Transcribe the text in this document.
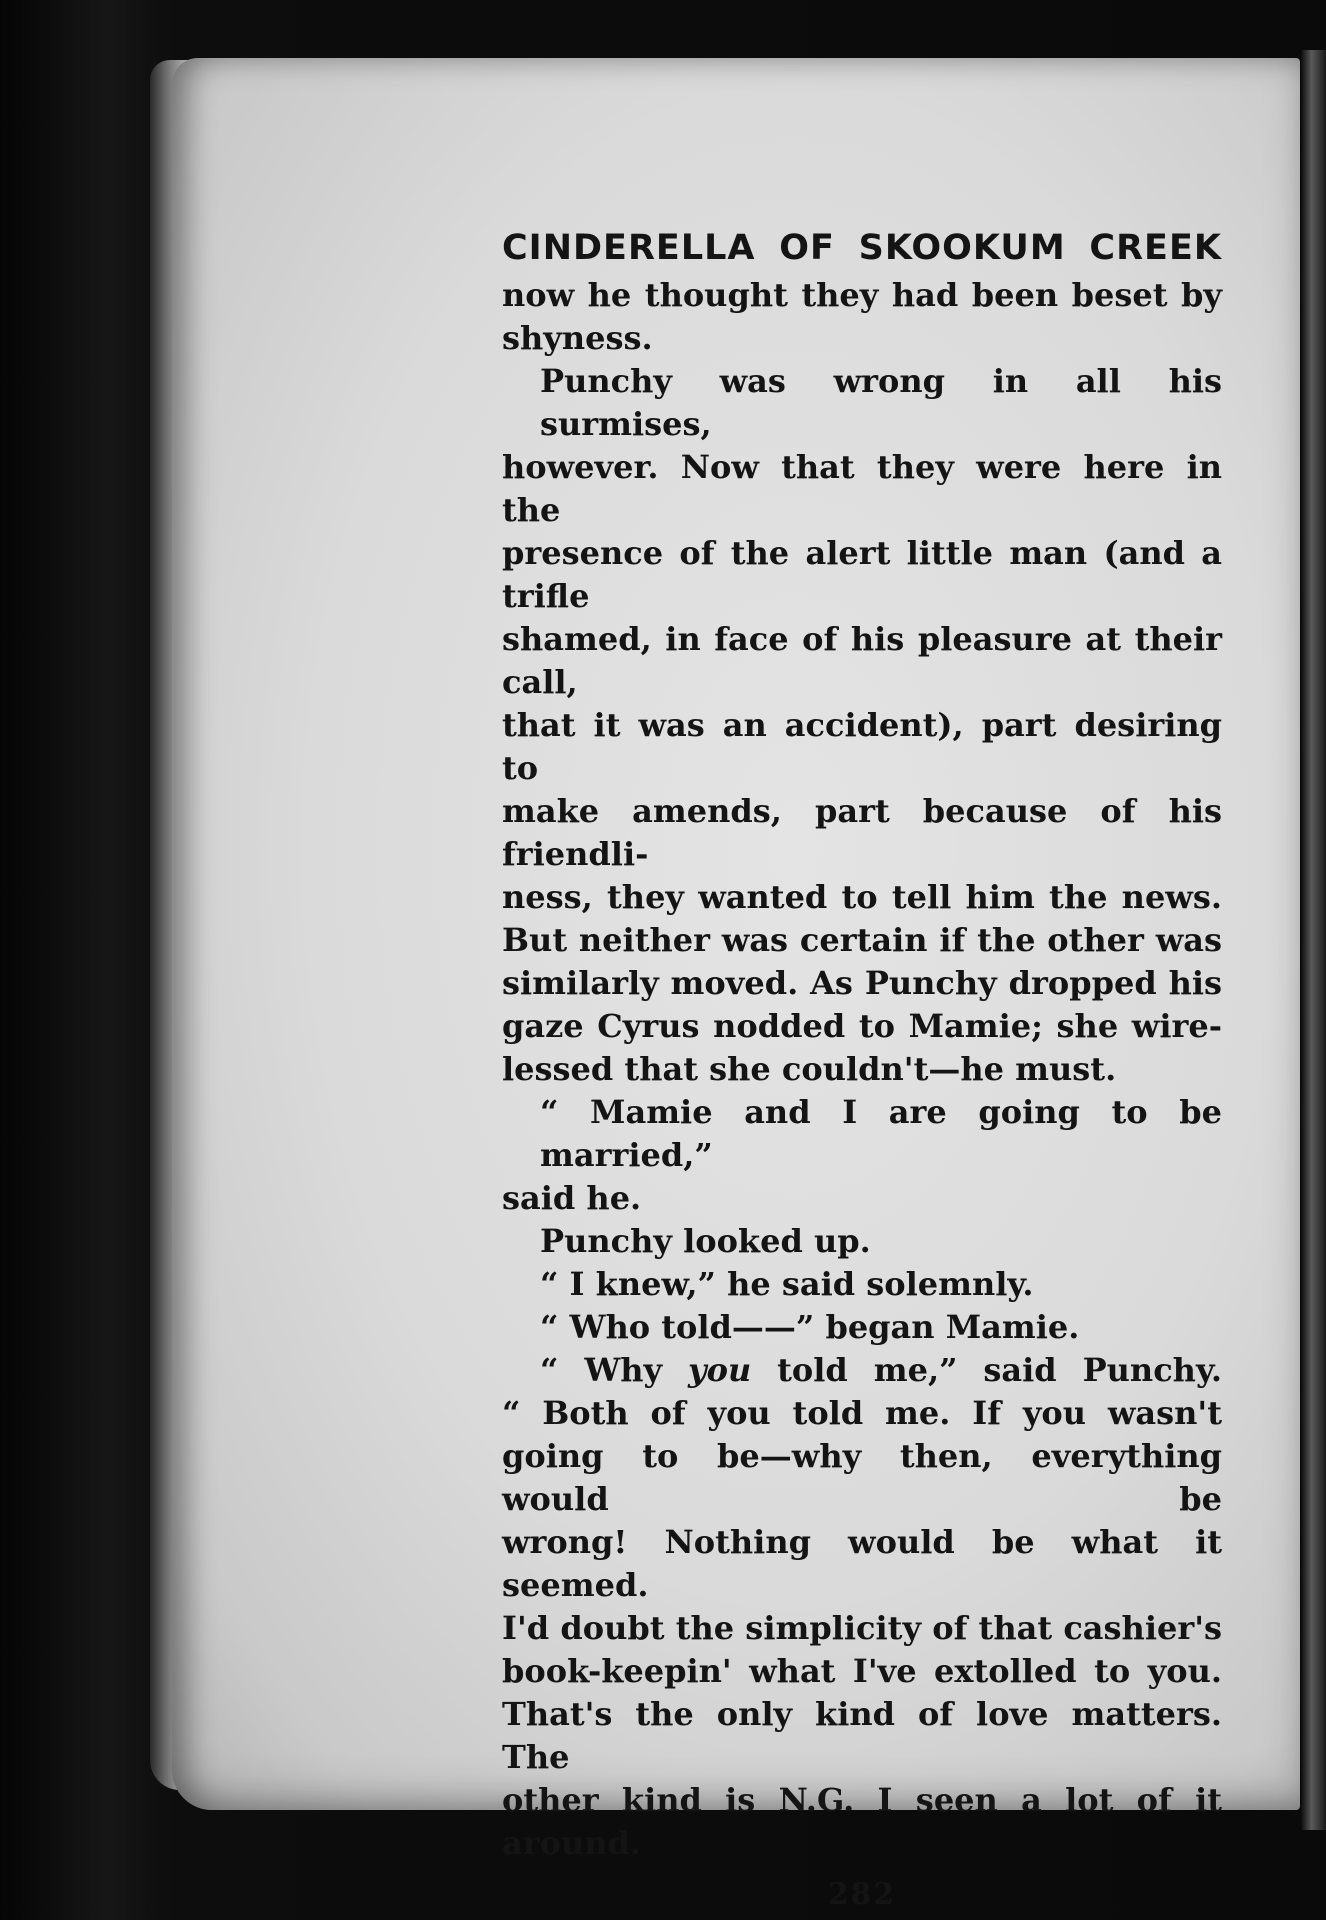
CINDERELLA OF SKOOKUM CREEK

now he thought they had been beset by
shyness.

Punchy was wrong in all his surmises,
however. Now that they were here in the
presence of the alert little man (and a trifle
shamed, in face of his pleasure at their call,
that it was an accident), part desiring to
make amends, part because of his friendli-
ness, they wanted to tell him the news.
But neither was certain if the other was
similarly moved. As Punchy dropped his
gaze Cyrus nodded to Mamie; she wire-
lessed that she couldn't—he must.

“ Mamie and I are going to be married,”
said he.

Punchy looked up.

“ I knew,” he said solemnly.

“ Who told——” began Mamie.

“ Why you told me,” said Punchy.
“ Both of you told me. If you wasn't
going to be—why then, everything would be
wrong! Nothing would be what it seemed.
I'd doubt the simplicity of that cashier's
book-keepin' what I've extolled to you.
That's the only kind of love matters. The
other kind is N.G. I seen a lot of it around.

282
